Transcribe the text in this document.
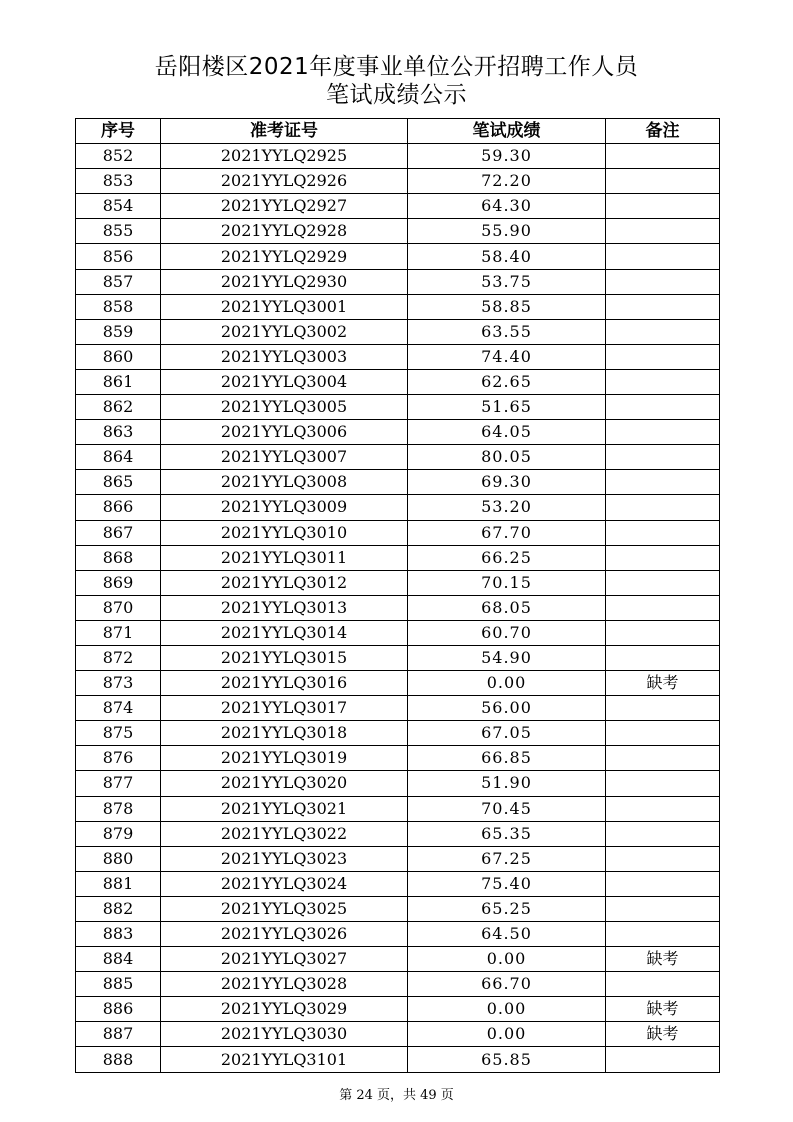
岳阳楼区2021年度事业单位公开招聘工作人员
笔试成绩公示
序号	准考证号	笔试成绩	备注
852	2021YYLQ2925	59.30	
853	2021YYLQ2926	72.20	
854	2021YYLQ2927	64.30	
855	2021YYLQ2928	55.90	
856	2021YYLQ2929	58.40	
857	2021YYLQ2930	53.75	
858	2021YYLQ3001	58.85	
859	2021YYLQ3002	63.55	
860	2021YYLQ3003	74.40	
861	2021YYLQ3004	62.65	
862	2021YYLQ3005	51.65	
863	2021YYLQ3006	64.05	
864	2021YYLQ3007	80.05	
865	2021YYLQ3008	69.30	
866	2021YYLQ3009	53.20	
867	2021YYLQ3010	67.70	
868	2021YYLQ3011	66.25	
869	2021YYLQ3012	70.15	
870	2021YYLQ3013	68.05	
871	2021YYLQ3014	60.70	
872	2021YYLQ3015	54.90	
873	2021YYLQ3016	0.00	缺考
874	2021YYLQ3017	56.00	
875	2021YYLQ3018	67.05	
876	2021YYLQ3019	66.85	
877	2021YYLQ3020	51.90	
878	2021YYLQ3021	70.45	
879	2021YYLQ3022	65.35	
880	2021YYLQ3023	67.25	
881	2021YYLQ3024	75.40	
882	2021YYLQ3025	65.25	
883	2021YYLQ3026	64.50	
884	2021YYLQ3027	0.00	缺考
885	2021YYLQ3028	66.70	
886	2021YYLQ3029	0.00	缺考
887	2021YYLQ3030	0.00	缺考
888	2021YYLQ3101	65.85	
第 24 页，共 49 页
